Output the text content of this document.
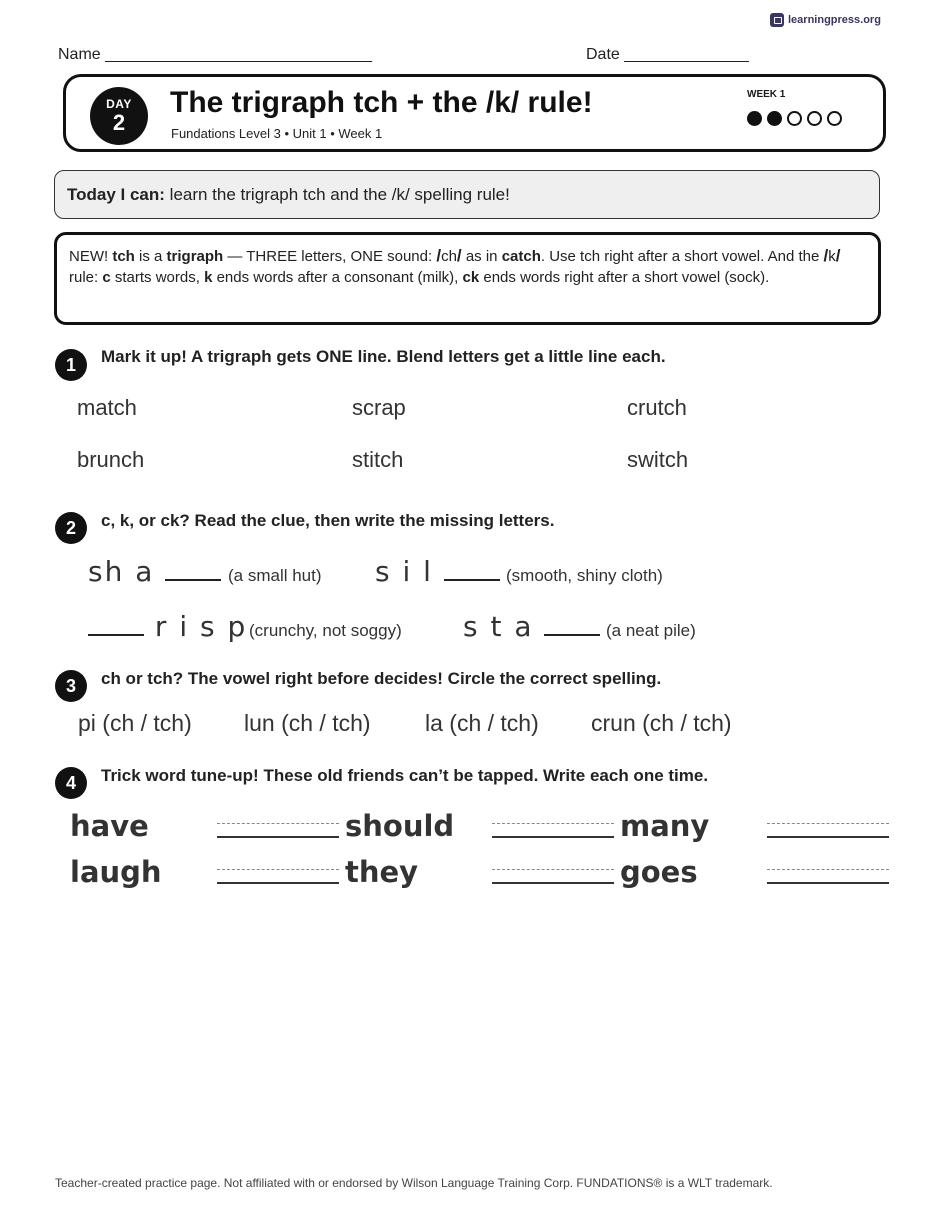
learningpress.org
Name ______________________________	Date ______________
DAY
2
The trigraph tch + the /k/ rule!
Fundations Level 3 • Unit 1 • Week 1
WEEK 1
Today I can: learn the trigraph tch and the /k/ spelling rule!
NEW! tch is a trigraph — THREE letters, ONE sound: /ch/ as in catch. Use tch right after a short vowel. And the /k/ rule: c starts words, k ends words after a consonant (milk), ck ends words right after a short vowel (sock).
1	Mark it up! A trigraph gets ONE line. Blend letters get a little line each.
match	scrap	crutch
brunch	stitch	switch
2	c, k, or ck? Read the clue, then write the missing letters.
sh a	(a small hut) s i l	(smooth, shiny cloth)
r i s p (crunchy, not soggy) s t a	(a neat pile)
3	ch or tch? The vowel right before decides! Circle the correct spelling.
pi (ch / tch) lun (ch / tch) la (ch / tch) crun (ch / tch)
4	Trick word tune-up! These old friends can’t be tapped. Write each one time.
have	should	many
laugh	they	goes
Teacher-created practice page. Not affiliated with or endorsed by Wilson Language Training Corp. FUNDATIONS® is a WLT trademark.
